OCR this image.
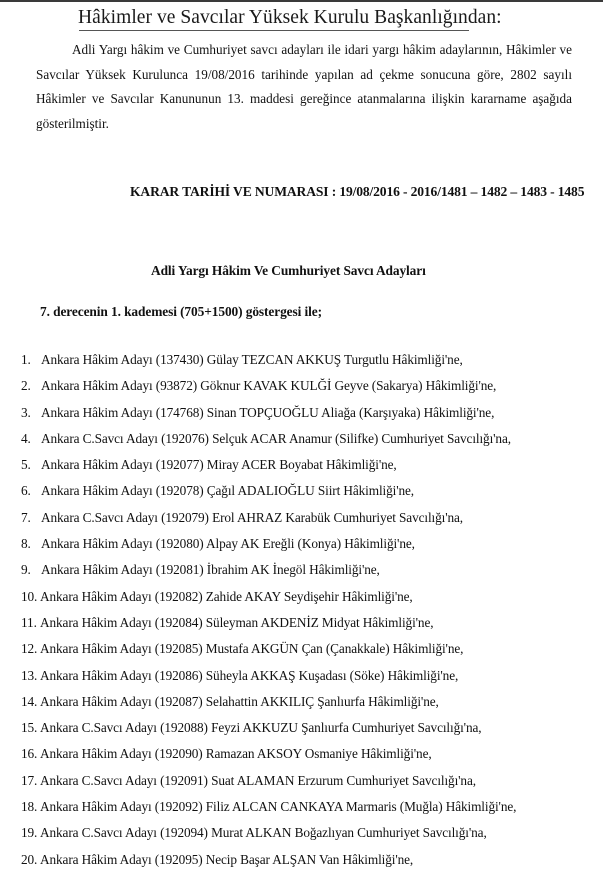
Hâkimler ve Savcılar Yüksek Kurulu Başkanlığından:
Adli Yargı hâkim ve Cumhuriyet savcı adayları ile idari yargı hâkim adaylarının, Hâkimler ve
Savcılar Yüksek Kurulunca 19/08/2016 tarihinde yapılan ad çekme sonucuna göre, 2802 sayılı
Hâkimler ve Savcılar Kanununun 13. maddesi gereğince atanmalarına ilişkin kararname aşağıda
gösterilmiştir.
KARAR TARİHİ VE NUMARASI : 19/08/2016 - 2016/1481 – 1482 – 1483 - 1485
Adli Yargı Hâkim Ve Cumhuriyet Savcı Adayları
7. derecenin 1. kademesi (705+1500) göstergesi ile;
1. Ankara Hâkim Adayı (137430) Gülay TEZCAN AKKUŞ Turgutlu Hâkimliği'ne,
2. Ankara Hâkim Adayı (93872) Göknur KAVAK KULĞİ Geyve (Sakarya) Hâkimliği'ne,
3. Ankara Hâkim Adayı (174768) Sinan TOPÇUOĞLU Aliağa (Karşıyaka) Hâkimliği'ne,
4. Ankara C.Savcı Adayı (192076) Selçuk ACAR Anamur (Silifke) Cumhuriyet Savcılığı'na,
5. Ankara Hâkim Adayı (192077) Miray ACER Boyabat Hâkimliği'ne,
6. Ankara Hâkim Adayı (192078) Çağıl ADALIOĞLU Siirt Hâkimliği'ne,
7. Ankara C.Savcı Adayı (192079) Erol AHRAZ Karabük Cumhuriyet Savcılığı'na,
8. Ankara Hâkim Adayı (192080) Alpay AK Ereğli (Konya) Hâkimliği'ne,
9. Ankara Hâkim Adayı (192081) İbrahim AK İnegöl Hâkimliği'ne,
10. Ankara Hâkim Adayı (192082) Zahide AKAY Seydişehir Hâkimliği'ne,
11. Ankara Hâkim Adayı (192084) Süleyman AKDENİZ Midyat Hâkimliği'ne,
12. Ankara Hâkim Adayı (192085) Mustafa AKGÜN Çan (Çanakkale) Hâkimliği'ne,
13. Ankara Hâkim Adayı (192086) Süheyla AKKAŞ Kuşadası (Söke) Hâkimliği'ne,
14. Ankara Hâkim Adayı (192087) Selahattin AKKILIÇ Şanlıurfa Hâkimliği'ne,
15. Ankara C.Savcı Adayı (192088) Feyzi AKKUZU Şanlıurfa Cumhuriyet Savcılığı'na,
16. Ankara Hâkim Adayı (192090) Ramazan AKSOY Osmaniye Hâkimliği'ne,
17. Ankara C.Savcı Adayı (192091) Suat ALAMAN Erzurum Cumhuriyet Savcılığı'na,
18. Ankara Hâkim Adayı (192092) Filiz ALCAN CANKAYA Marmaris (Muğla) Hâkimliği'ne,
19. Ankara C.Savcı Adayı (192094) Murat ALKAN Boğazlıyan Cumhuriyet Savcılığı'na,
20. Ankara Hâkim Adayı (192095) Necip Başar ALŞAN Van Hâkimliği'ne,
